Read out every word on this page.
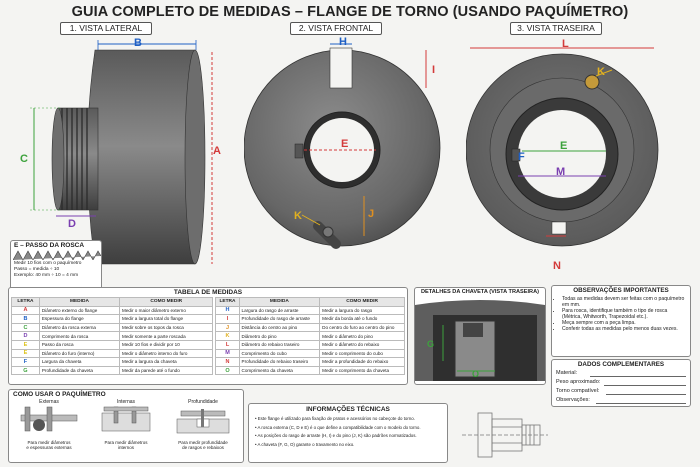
GUIA COMPLETO DE MEDIDAS – FLANGE DE TORNO (USANDO PAQUÍMETRO)
1. VISTA LATERAL	2. VISTA FRONTAL	3. VISTA TRASEIRA
B
A
C
D
E – PASSO DA ROSCA
Medir 10 fios com o paquímetro
Passo = medida ÷ 10
Exemplo: 40 mm ÷ 10 = 4 mm
H
I
E
J
K
L
E
M
F
N
K
TABELA DE MEDIDAS
LETRA	MEDIDA	COMO MEDIR
A	Diâmetro externo do flange	Medir o maior diâmetro externo
B	Espessura do flange	Medir a largura total do flange
C	Diâmetro da rosca externa	Medir sobre os topos da rosca
D	Comprimento da rosca	Medir somente a parte roscada
E	Passo da rosca	Medir 10 fios e dividir por 10
E	Diâmetro do furo (interno)	Medir o diâmetro interno do furo
F	Largura da chaveta	Medir a largura da chaveta
G	Profundidade da chaveta	Medir da parede até o fundo
LETRA	MEDIDA	COMO MEDIR
H	Largura do rasgo de arraste	Medir a largura do rasgo
I	Profundidade do rasgo de arraste	Medir da borda até o fundo
J	Distância do centro ao pino	Do centro do furo ao centro do pino
K	Diâmetro do pino	Medir o diâmetro do pino
L	Diâmetro do rebaixo traseiro	Medir o diâmetro do rebaixo
M	Comprimento do cubo	Medir o comprimento do cubo
N	Profundidade do rebaixo traseiro	Medir a profundidade do rebaixo
O	Comprimento da chaveta	Medir o comprimento da chaveta
DETALHES DA CHAVETA (VISTA TRASEIRA)
G
O
OBSERVAÇÕES IMPORTANTES
• Todas as medidas devem ser feitas com o paquímetro em mm.
• Para rosca, identifique também o tipo de rosca (Métrica, Whitworth, Trapezoidal etc.).
• Meça sempre com a peça limpa.
• Conferir todas as medidas pelo menos duas vezes.
DADOS COMPLEMENTARES
Material:
Peso aproximado:
Torno compatível:
Observações:
COMO USAR O PAQUÍMETRO
Externas
Para medir diâmetros
e espessuras externas
Internas
Para medir diâmetros
internos
Profundidade
Para medir profundidade
de rasgos e rebaixos
INFORMAÇÕES TÉCNICAS
• Este flange é utilizado para fixação de pratos e acessórios no cabeçote do torno.
• A rosca externa (C, D e E) é o que define a compatibilidade com o modelo do torno.
• As posições do rasgo de arraste (H, I) e do pino (J, K) são padrões normatizados.
• A chaveta (F, G, O) garante o travamento no eixo.
